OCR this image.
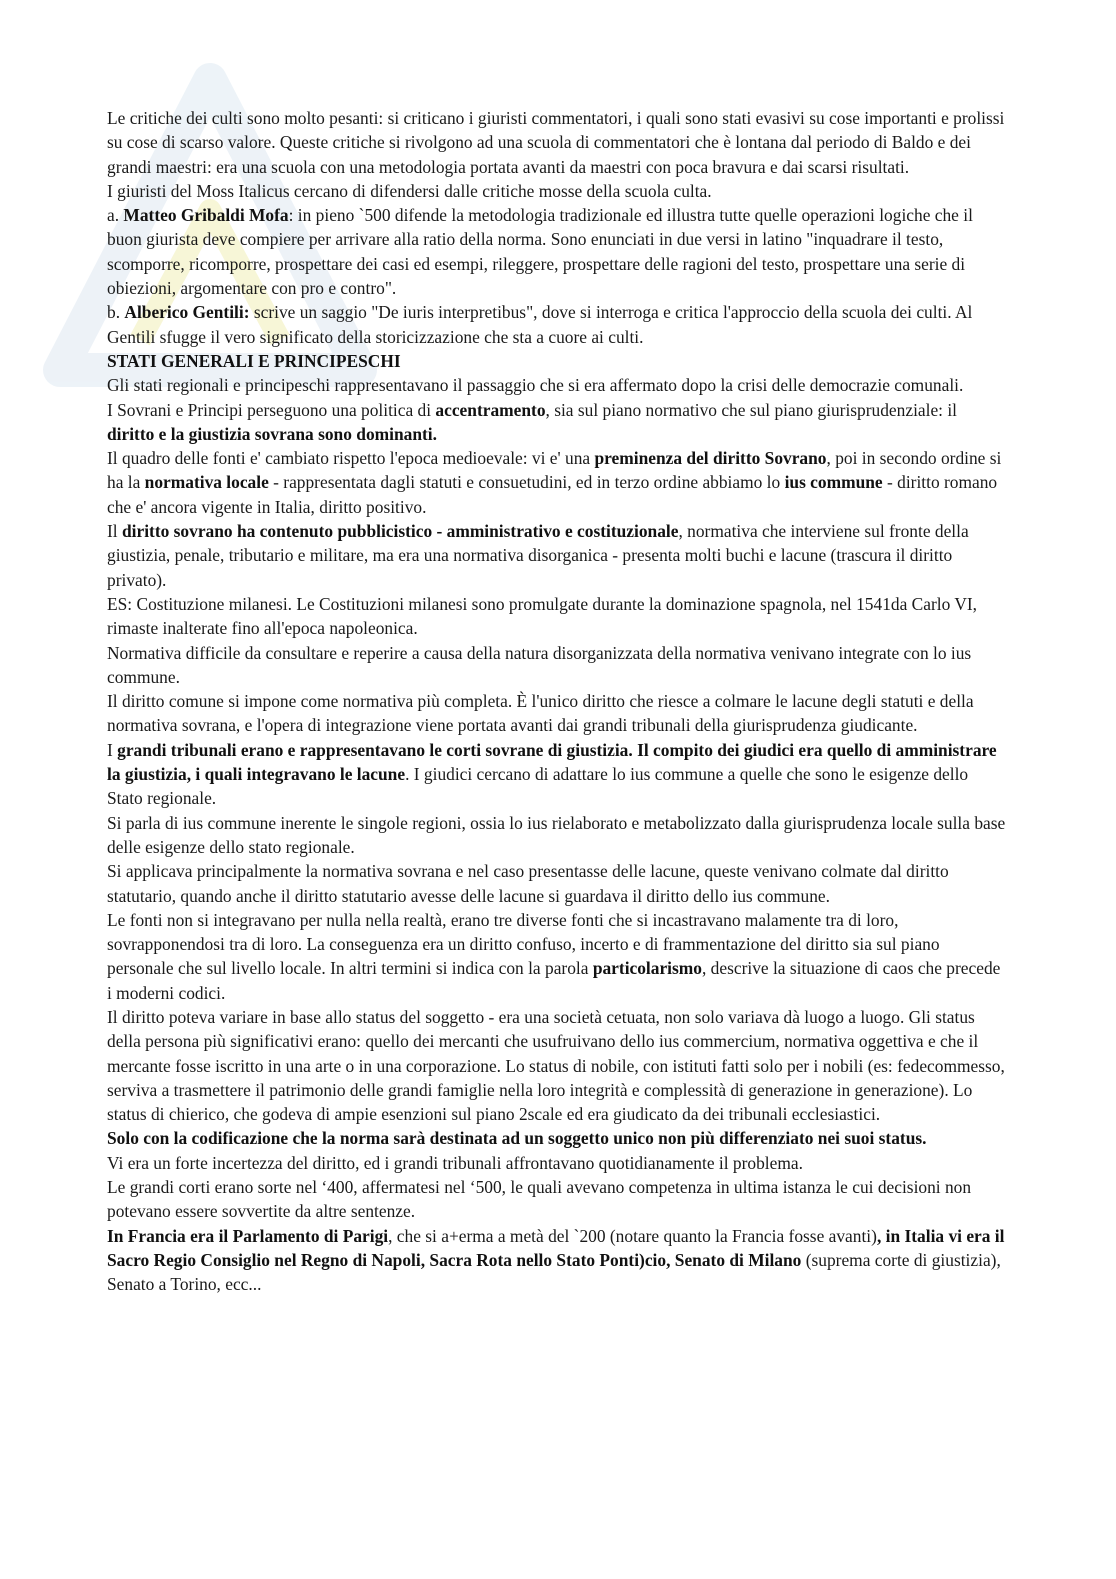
Le critiche dei culti sono molto pesanti: si criticano i giuristi commentatori, i quali sono stati evasivi su cose importanti e prolissi su cose di scarso valore. Queste critiche si rivolgono ad una scuola di commentatori che è lontana dal periodo di Baldo e dei grandi maestri: era una scuola con una metodologia portata avanti da maestri con poca bravura e dai scarsi risultati.

I giuristi del Moss Italicus cercano di difendersi dalle critiche mosse della scuola culta.

a. Matteo Gribaldi Mofa: in pieno `500 difende la metodologia tradizionale ed illustra tutte quelle operazioni logiche che il buon giurista deve compiere per arrivare alla ratio della norma. Sono enunciati in due versi in latino "inquadrare il testo, scomporre, ricomporre, prospettare dei casi ed esempi, rileggere, prospettare delle ragioni del testo, prospettare una serie di obiezioni, argomentare con pro e contro".

b. Alberico Gentili: scrive un saggio "De iuris interpretibus", dove si interroga e critica l'approccio della scuola dei culti. Al Gentili sfugge il vero significato della storicizzazione che sta a cuore ai culti.

STATI GENERALI E PRINCIPESCHI

Gli stati regionali e principeschi rappresentavano il passaggio che si era affermato dopo la crisi delle democrazie comunali.

I Sovrani e Principi perseguono una politica di accentramento, sia sul piano normativo che sul piano giurisprudenziale: il diritto e la giustizia sovrana sono dominanti.

Il quadro delle fonti e' cambiato rispetto l'epoca medioevale: vi e' una preminenza del diritto Sovrano, poi in secondo ordine si ha la normativa locale - rappresentata dagli statuti e consuetudini, ed in terzo ordine abbiamo lo ius commune - diritto romano che e' ancora vigente in Italia, diritto positivo.

Il diritto sovrano ha contenuto pubblicistico - amministrativo e costituzionale, normativa che interviene sul fronte della giustizia, penale, tributario e militare, ma era una normativa disorganica - presenta molti buchi e lacune (trascura il diritto privato).

ES: Costituzione milanesi. Le Costituzioni milanesi sono promulgate durante la dominazione spagnola, nel 1541da Carlo VI, rimaste inalterate fino all'epoca napoleonica.

Normativa difficile da consultare e reperire a causa della natura disorganizzata della normativa venivano integrate con lo ius commune.

Il diritto comune si impone come normativa più completa. È l'unico diritto che riesce a colmare le lacune degli statuti e della normativa sovrana, e l'opera di integrazione viene portata avanti dai grandi tribunali della giurisprudenza giudicante.

I grandi tribunali erano e rappresentavano le corti sovrane di giustizia. Il compito dei giudici era quello di amministrare la giustizia, i quali integravano le lacune. I giudici cercano di adattare lo ius commune a quelle che sono le esigenze dello Stato regionale.

Si parla di ius commune inerente le singole regioni, ossia lo ius rielaborato e metabolizzato dalla giurisprudenza locale sulla base delle esigenze dello stato regionale.

Si applicava principalmente la normativa sovrana e nel caso presentasse delle lacune, queste venivano colmate dal diritto statutario, quando anche il diritto statutario avesse delle lacune si guardava il diritto dello ius commune.

Le fonti non si integravano per nulla nella realtà, erano tre diverse fonti che si incastravano malamente tra di loro, sovrapponendosi tra di loro. La conseguenza era un diritto confuso, incerto e di frammentazione del diritto sia sul piano personale che sul livello locale. In altri termini si indica con la parola particolarismo, descrive la situazione di caos che precede i moderni codici.

Il diritto poteva variare in base allo status del soggetto - era una società cetuata, non solo variava dà luogo a luogo. Gli status della persona più significativi erano: quello dei mercanti che usufruivano dello ius commercium, normativa oggettiva e che il mercante fosse iscritto in una arte o in una corporazione. Lo status di nobile, con istituti fatti solo per i nobili (es: fedecommesso, serviva a trasmettere il patrimonio delle grandi famiglie nella loro integrità e complessità di generazione in generazione). Lo status di chierico, che godeva di ampie esenzioni sul piano 2scale ed era giudicato da dei tribunali ecclesiastici.

Solo con la codificazione che la norma sarà destinata ad un soggetto unico non più differenziato nei suoi status.

Vi era un forte incertezza del diritto, ed i grandi tribunali affrontavano quotidianamente il problema.

Le grandi corti erano sorte nel ‘400, affermatesi nel ‘500, le quali avevano competenza in ultima istanza le cui decisioni non potevano essere sovvertite da altre sentenze.

In Francia era il Parlamento di Parigi, che si a+erma a metà del `200 (notare quanto la Francia fosse avanti), in Italia vi era il Sacro Regio Consiglio nel Regno di Napoli, Sacra Rota nello Stato Ponti)cio, Senato di Milano (suprema corte di giustizia), Senato a Torino, ecc...
